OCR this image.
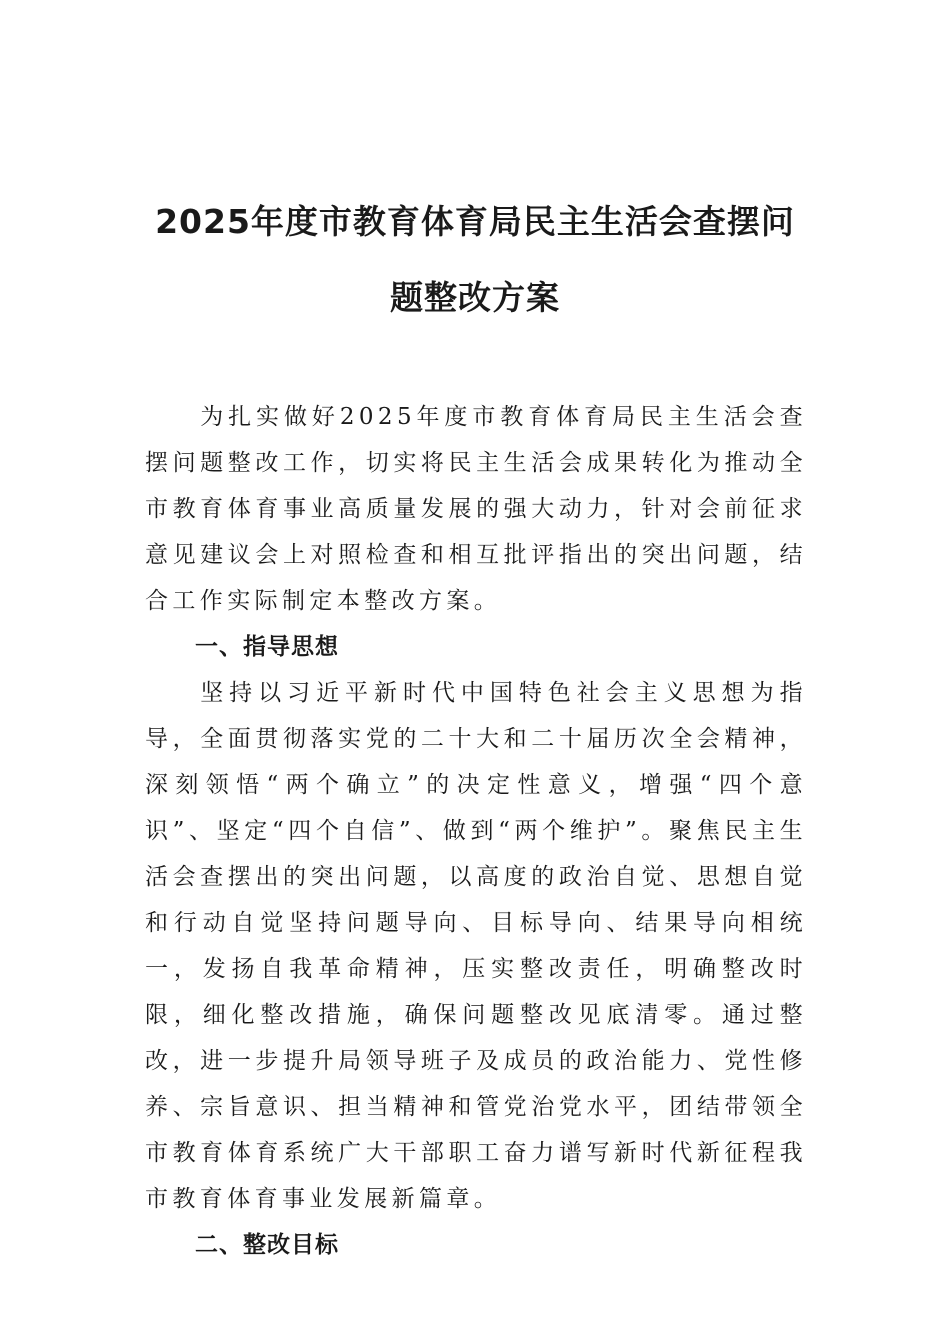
2025年度市教育体育局民主生活会查摆问题整改方案

为扎实做好2025年度市教育体育局民主生活会查摆问题整改工作，切实将民主生活会成果转化为推动全市教育体育事业高质量发展的强大动力，针对会前征求意见建议会上对照检查和相互批评指出的突出问题，结合工作实际制定本整改方案。

一、指导思想

坚持以习近平新时代中国特色社会主义思想为指导，全面贯彻落实党的二十大和二十届历次全会精神，深刻领悟“两个确立”的决定性意义，增强“四个意识”、坚定“四个自信”、做到“两个维护”。聚焦民主生活会查摆出的突出问题，以高度的政治自觉、思想自觉和行动自觉坚持问题导向、目标导向、结果导向相统一，发扬自我革命精神，压实整改责任，明确整改时限，细化整改措施，确保问题整改见底清零。通过整改，进一步提升局领导班子及成员的政治能力、党性修养、宗旨意识、担当精神和管党治党水平，团结带领全市教育体育系统广大干部职工奋力谱写新时代新征程我市教育体育事业发展新篇章。

二、整改目标
